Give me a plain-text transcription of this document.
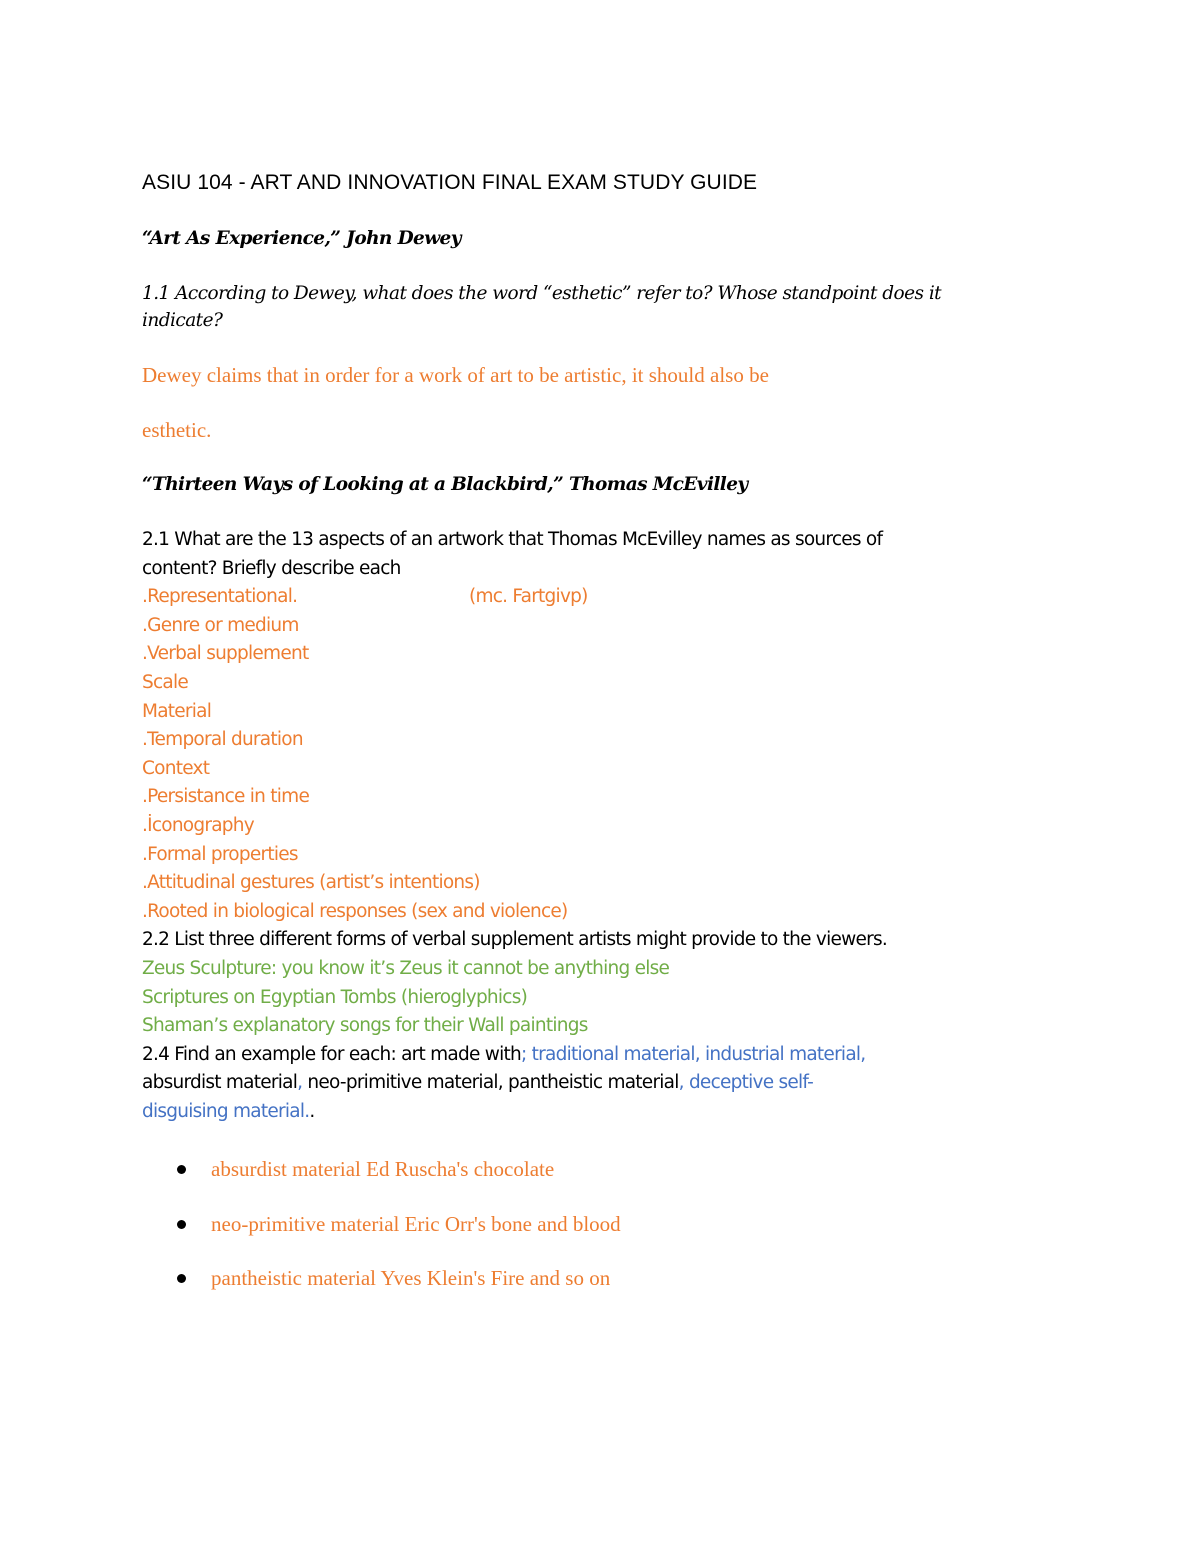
ASIU 104 - ART AND INNOVATION FINAL EXAM STUDY GUIDE
“Art As Experience,” John Dewey
1.1 According to Dewey, what does the word “esthetic” refer to? Whose standpoint does it
indicate?
Dewey claims that in order for a work of art to be artistic, it should also be
esthetic.
“Thirteen Ways of Looking at a Blackbird,” Thomas McEvilley
2.1 What are the 13 aspects of an artwork that Thomas McEvilley names as sources of
content? Briefly describe each
.Representational.	(mc. Fartgivp)
.Genre or medium
.Verbal supplement
Scale
Material
.Temporal duration
Context
.Persistance in time
.İconography
.Formal properties
.Attitudinal gestures (artist’s intentions)
.Rooted in biological responses (sex and violence)
2.2 List three different forms of verbal supplement artists might provide to the viewers.
Zeus Sculpture: you know it’s Zeus it cannot be anything else
Scriptures on Egyptian Tombs (hieroglyphics)
Shaman’s explanatory songs for their Wall paintings
2.4 Find an example for each: art made with; traditional material, industrial material,
absurdist material, neo-primitive material, pantheistic material, deceptive self-
disguising material..
absurdist material Ed Ruscha's chocolate
neo-primitive material Eric Orr's bone and blood
pantheistic material Yves Klein's Fire and so on
